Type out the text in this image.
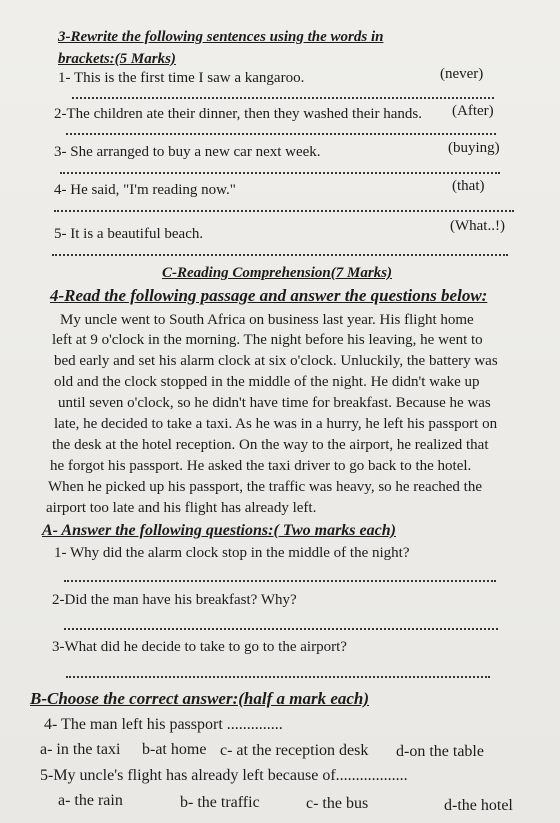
3-Rewrite the following sentences using the words in
brackets:(5 Marks)
1- This is the first time I saw a kangaroo.	(never)
2-The children ate their dinner, then they washed their hands. (After)
3- She arranged to buy a new car next week.	(buying)
4- He said, "I'm reading now."	(that)
5- It is a beautiful beach.	(What..!)
C-Reading Comprehension(7 Marks)
4-Read the following passage and answer the questions below:
My uncle went to South Africa on business last year. His flight home
left at 9 o'clock in the morning. The night before his leaving, he went to
bed early and set his alarm clock at six o'clock. Unluckily, the battery was
old and the clock stopped in the middle of the night. He didn't wake up
until seven o'clock, so he didn't have time for breakfast. Because he was
late, he decided to take a taxi. As he was in a hurry, he left his passport on
the desk at the hotel reception. On the way to the airport, he realized that
he forgot his passport. He asked the taxi driver to go back to the hotel.
When he picked up his passport, the traffic was heavy, so he reached the
airport too late and his flight has already left.
A- Answer the following questions:( Two marks each)
1- Why did the alarm clock stop in the middle of the night?
2-Did the man have his breakfast? Why?
3-What did he decide to take to go to the airport?
B-Choose the correct answer:(half a mark each)
4- The man left his passport ..............
a- in the taxi b-at home c- at the reception desk d-on the table
5-My uncle's flight has already left because of..................
a- the rain	b- the traffic	c- the bus	d-the hotel
